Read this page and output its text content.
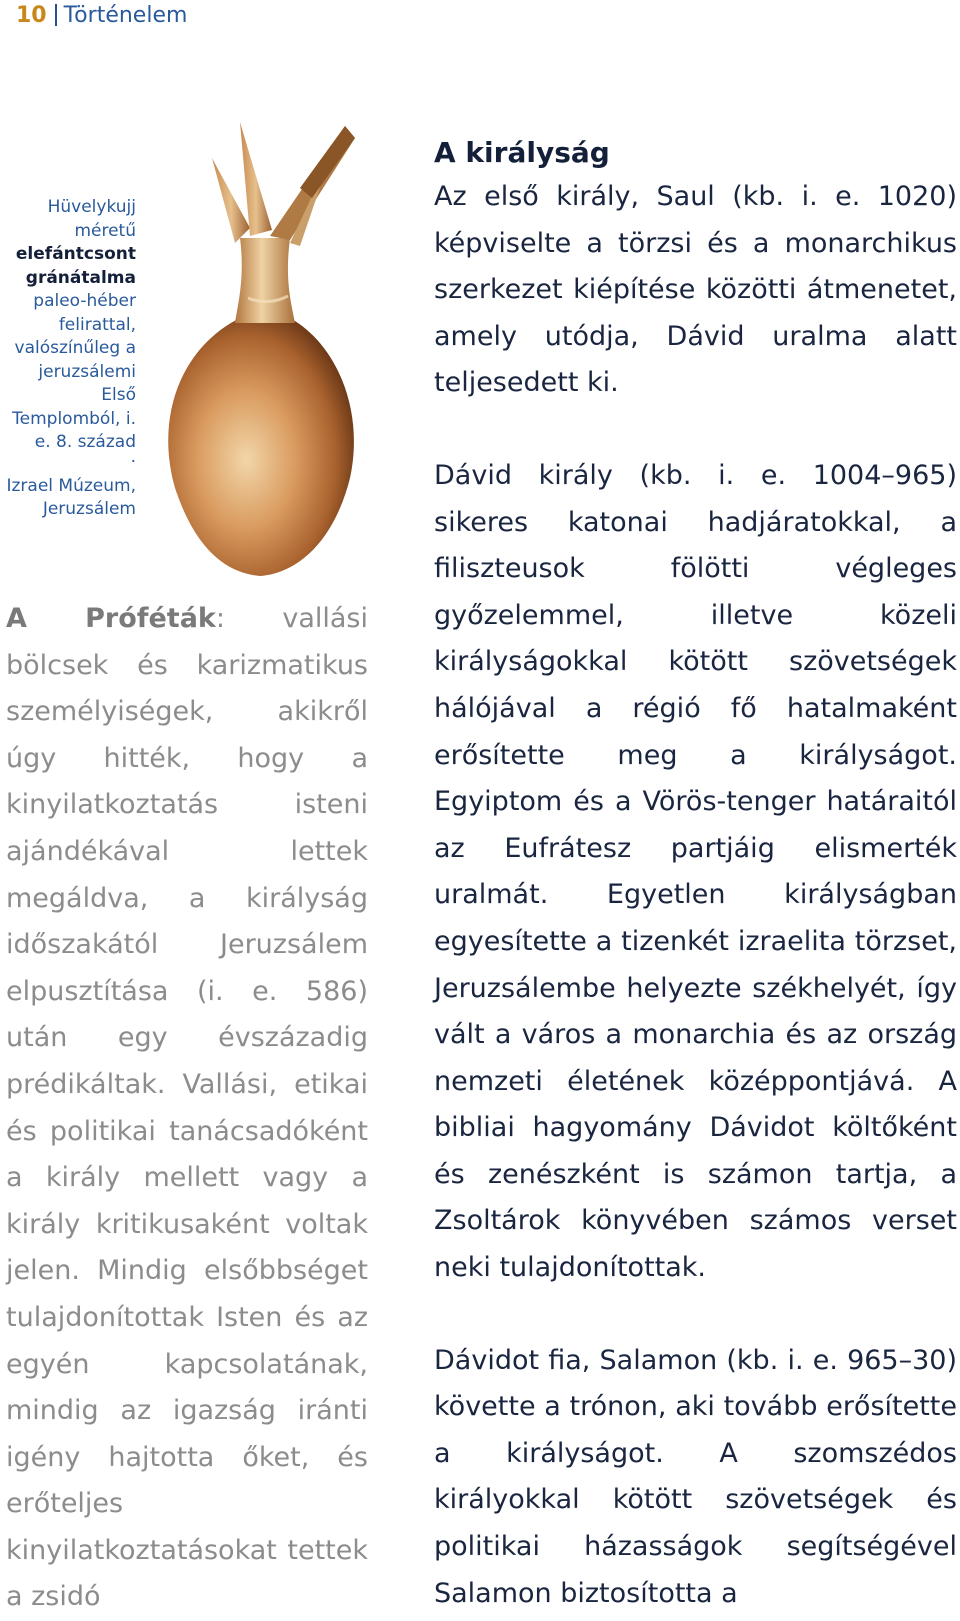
10 Történelem
Hüvelykujj méretű elefántcsont gránátalma paleo-héber felirattal, valószínűleg a jeruzsálemi Első Templomból, i. e. 8. század
·
Izrael Múzeum, Jeruzsálem
A Próféták: vallási bölcsek és karizmatikus személyiségek, akikről úgy hitték, hogy a kinyilatkoztatás isteni ajándékával lettek megáldva, a királyság időszakától Jeruzsálem elpusztítása (i. e. 586) után egy évszázadig prédikáltak. Vallási, etikai és politikai tanácsadóként a király mellett vagy a király kritikusaként voltak jelen. Mindig elsőbbséget tulajdonítottak Isten és az egyén kapcsolatának, mindig az igazság iránti igény hajtotta őket, és erőteljes kinyilatkoztatásokat tettek a zsidó
A királyság

Az első király, Saul (kb. i. e. 1020) képviselte a törzsi és a monarchikus szerkezet kiépítése közötti átmenetet, amely utódja, Dávid uralma alatt teljesedett ki.

Dávid király (kb. i. e. 1004–965) sikeres katonai hadjáratokkal, a filiszteusok fölötti végleges győzelemmel, illetve közeli királyságokkal kötött szövetségek hálójával a régió fő hatalmaként erősítette meg a királyságot. Egyiptom és a Vörös-tenger határaitól az Eufrátesz partjáig elismerték uralmát. Egyetlen királyságban egyesítette a tizenkét izraelita törzset, Jeruzsálembe helyezte székhelyét, így vált a város a monarchia és az ország nemzeti életének középpontjává. A bibliai hagyomány Dávidot költőként és zenészként is számon tartja, a Zsoltárok könyvében számos verset neki tulajdonítottak.

Dávidot fia, Salamon (kb. i. e. 965–30) követte a trónon, aki tovább erősítette a királyságot. A szomszédos királyokkal kötött szövetségek és politikai házasságok segítségével Salamon biztosította a
